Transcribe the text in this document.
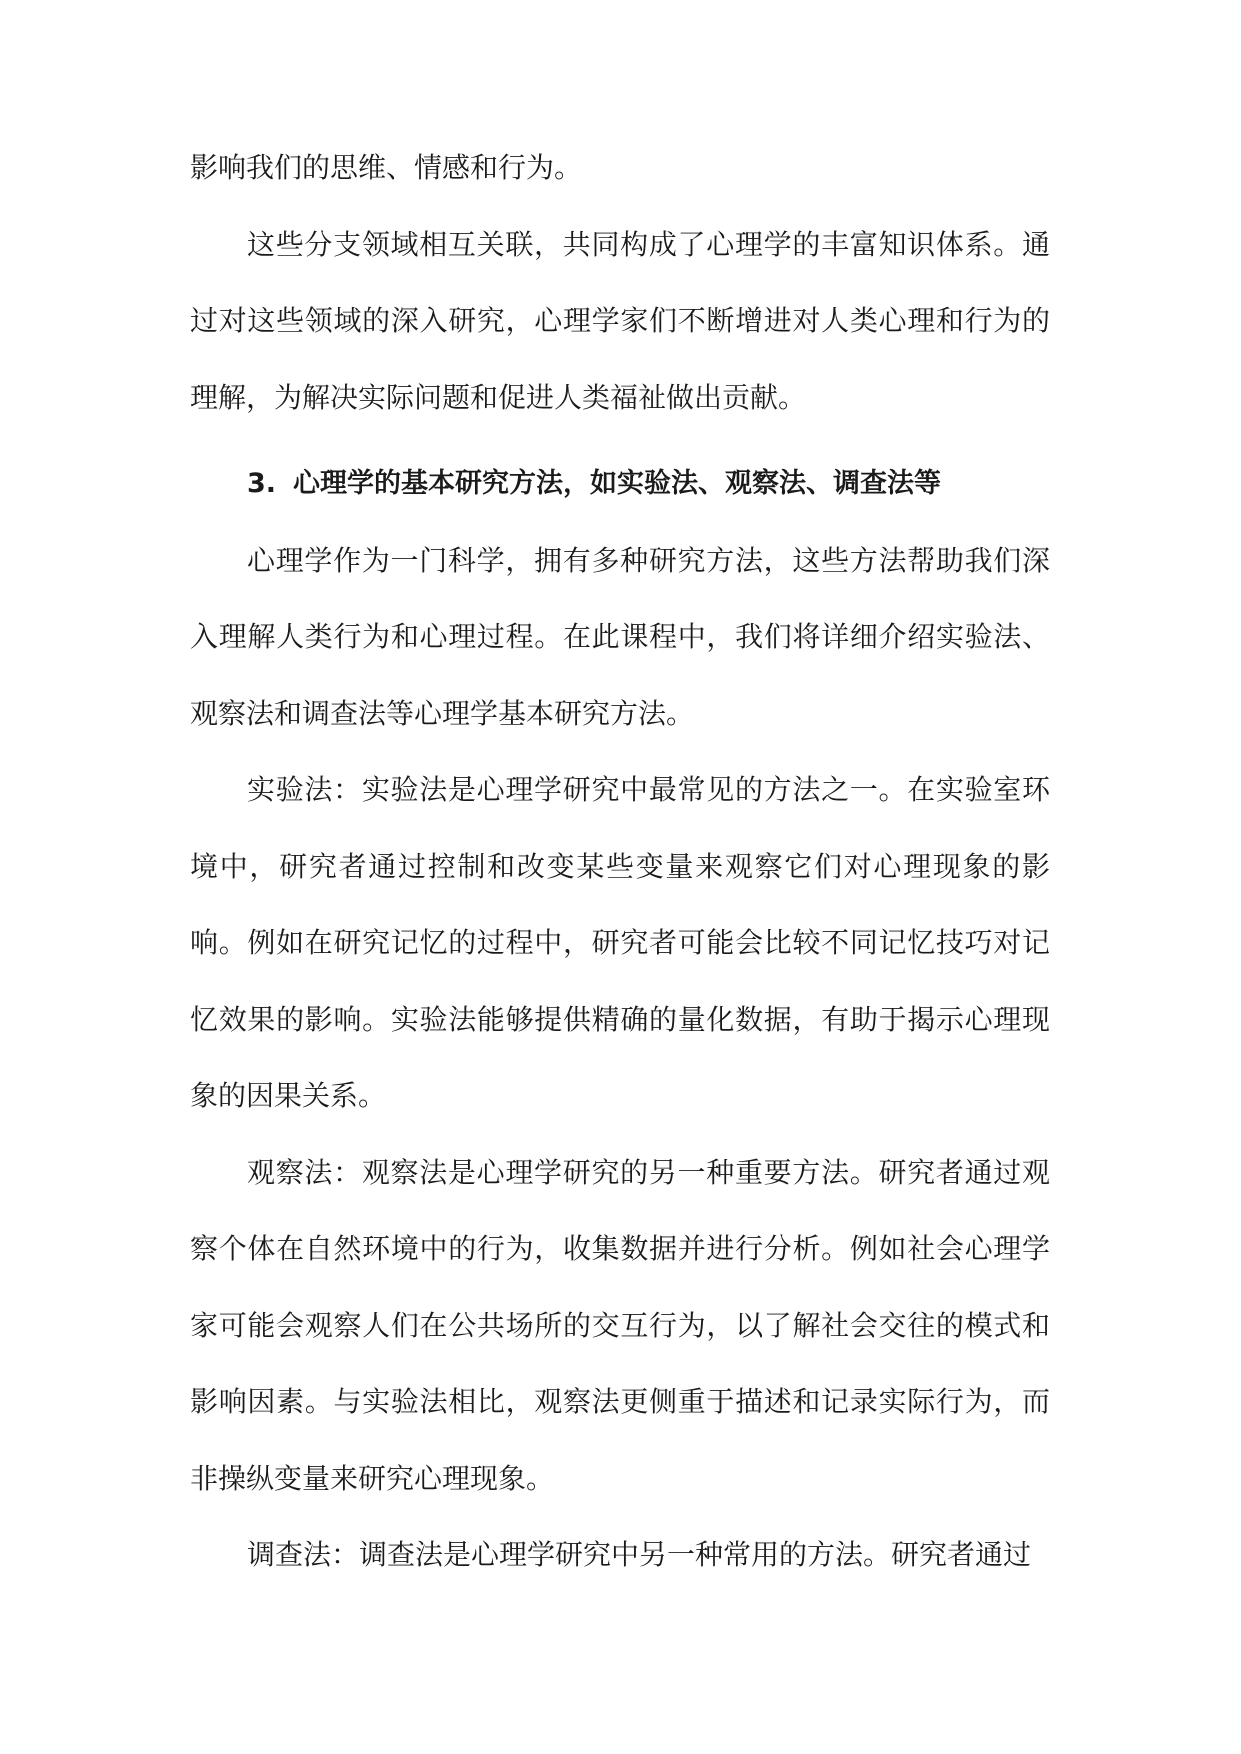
影响我们的思维、情感和行为。

这些分支领域相互关联，共同构成了心理学的丰富知识体系。通过对这些领域的深入研究，心理学家们不断增进对人类心理和行为的理解，为解决实际问题和促进人类福祉做出贡献。

3. 心理学的基本研究方法，如实验法、观察法、调查法等

心理学作为一门科学，拥有多种研究方法，这些方法帮助我们深入理解人类行为和心理过程。在此课程中，我们将详细介绍实验法、观察法和调查法等心理学基本研究方法。

实验法：实验法是心理学研究中最常见的方法之一。在实验室环境中，研究者通过控制和改变某些变量来观察它们对心理现象的影响。例如在研究记忆的过程中，研究者可能会比较不同记忆技巧对记忆效果的影响。实验法能够提供精确的量化数据，有助于揭示心理现象的因果关系。

观察法：观察法是心理学研究的另一种重要方法。研究者通过观察个体在自然环境中的行为，收集数据并进行分析。例如社会心理学家可能会观察人们在公共场所的交互行为，以了解社会交往的模式和影响因素。与实验法相比，观察法更侧重于描述和记录实际行为，而非操纵变量来研究心理现象。

调查法：调查法是心理学研究中另一种常用的方法。研究者通过
